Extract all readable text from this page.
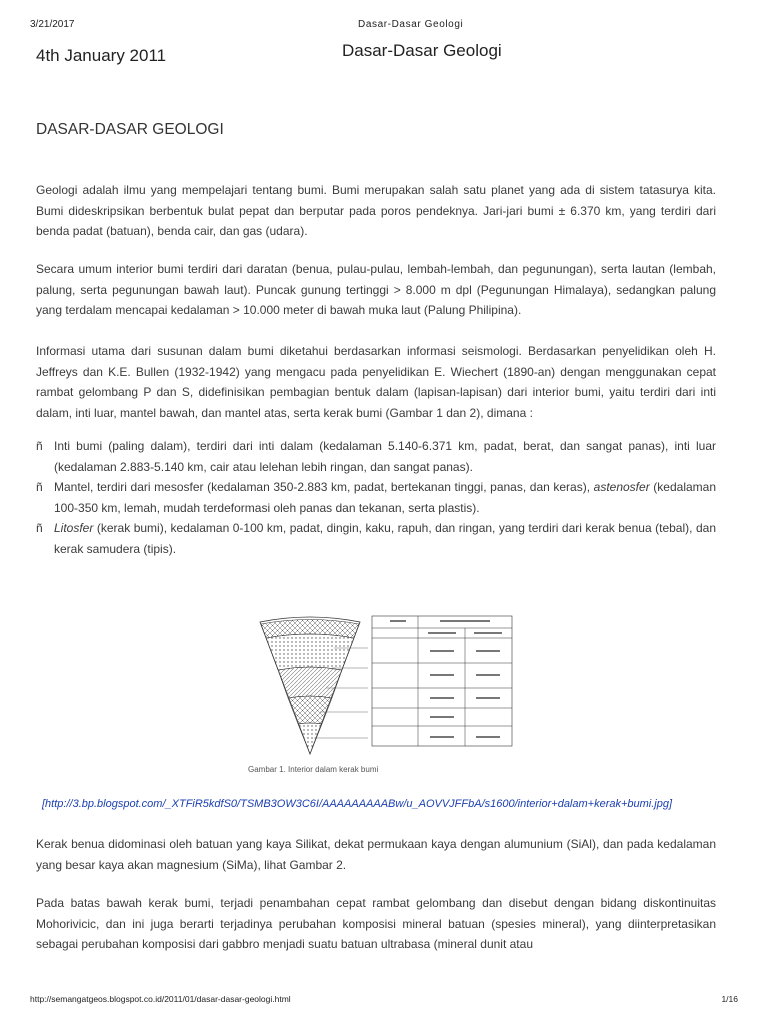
3/21/2017	Dasar-Dasar Geologi
4th January 2011	Dasar-Dasar Geologi
DASAR-DASAR GEOLOGI
Geologi adalah ilmu yang mempelajari tentang bumi. Bumi merupakan salah satu planet yang ada di sistem tatasurya kita. Bumi dideskripsikan berbentuk bulat pepat dan berputar pada poros pendeknya. Jari-jari bumi ± 6.370 km, yang terdiri dari benda padat (batuan), benda cair, dan gas (udara).
Secara umum interior bumi terdiri dari daratan (benua, pulau-pulau, lembah-lembah, dan pegunungan), serta lautan (lembah, palung, serta pegunungan bawah laut). Puncak gunung tertinggi > 8.000 m dpl (Pegunungan Himalaya), sedangkan palung yang terdalam mencapai kedalaman > 10.000 meter di bawah muka laut (Palung Philipina).
Informasi utama dari susunan dalam bumi diketahui berdasarkan informasi seismologi. Berdasarkan penyelidikan oleh H. Jeffreys dan K.E. Bullen (1932-1942) yang mengacu pada penyelidikan E. Wiechert (1890-an) dengan menggunakan cepat rambat gelombang P dan S, didefinisikan pembagian bentuk dalam (lapisan-lapisan) dari interior bumi, yaitu terdiri dari inti dalam, inti luar, mantel bawah, dan mantel atas, serta kerak bumi (Gambar 1 dan 2), dimana :
ñ Inti bumi (paling dalam), terdiri dari inti dalam (kedalaman 5.140-6.371 km, padat, berat, dan sangat panas), inti luar (kedalaman 2.883-5.140 km, cair atau lelehan lebih ringan, dan sangat panas).
ñ Mantel, terdiri dari mesosfer (kedalaman 350-2.883 km, padat, bertekanan tinggi, panas, dan keras), astenosfer (kedalaman 100-350 km, lemah, mudah terdeformasi oleh panas dan tekanan, serta plastis).
ñ Litosfer (kerak bumi), kedalaman 0-100 km, padat, dingin, kaku, rapuh, dan ringan, yang terdiri dari kerak benua (tebal), dan kerak samudera (tipis).
Gambar 1. Interior dalam kerak bumi
[http://3.bp.blogspot.com/_XTFiR5kdfS0/TSMB3OW3C6I/AAAAAAAAABw/u_AOVVJFFbA/s1600/interior+dalam+kerak+bumi.jpg]
Kerak benua didominasi oleh batuan yang kaya Silikat, dekat permukaan kaya dengan alumunium (SiAl), dan pada kedalaman yang besar kaya akan magnesium (SiMa), lihat Gambar 2.
Pada batas bawah kerak bumi, terjadi penambahan cepat rambat gelombang dan disebut dengan bidang diskontinuitas Mohorivicic, dan ini juga berarti terjadinya perubahan komposisi mineral batuan (spesies mineral), yang diinterpretasikan sebagai perubahan komposisi dari gabbro menjadi suatu batuan ultrabasa (mineral dunit atau
http://semangatgeos.blogspot.co.id/2011/01/dasar-dasar-geologi.html	1/16
